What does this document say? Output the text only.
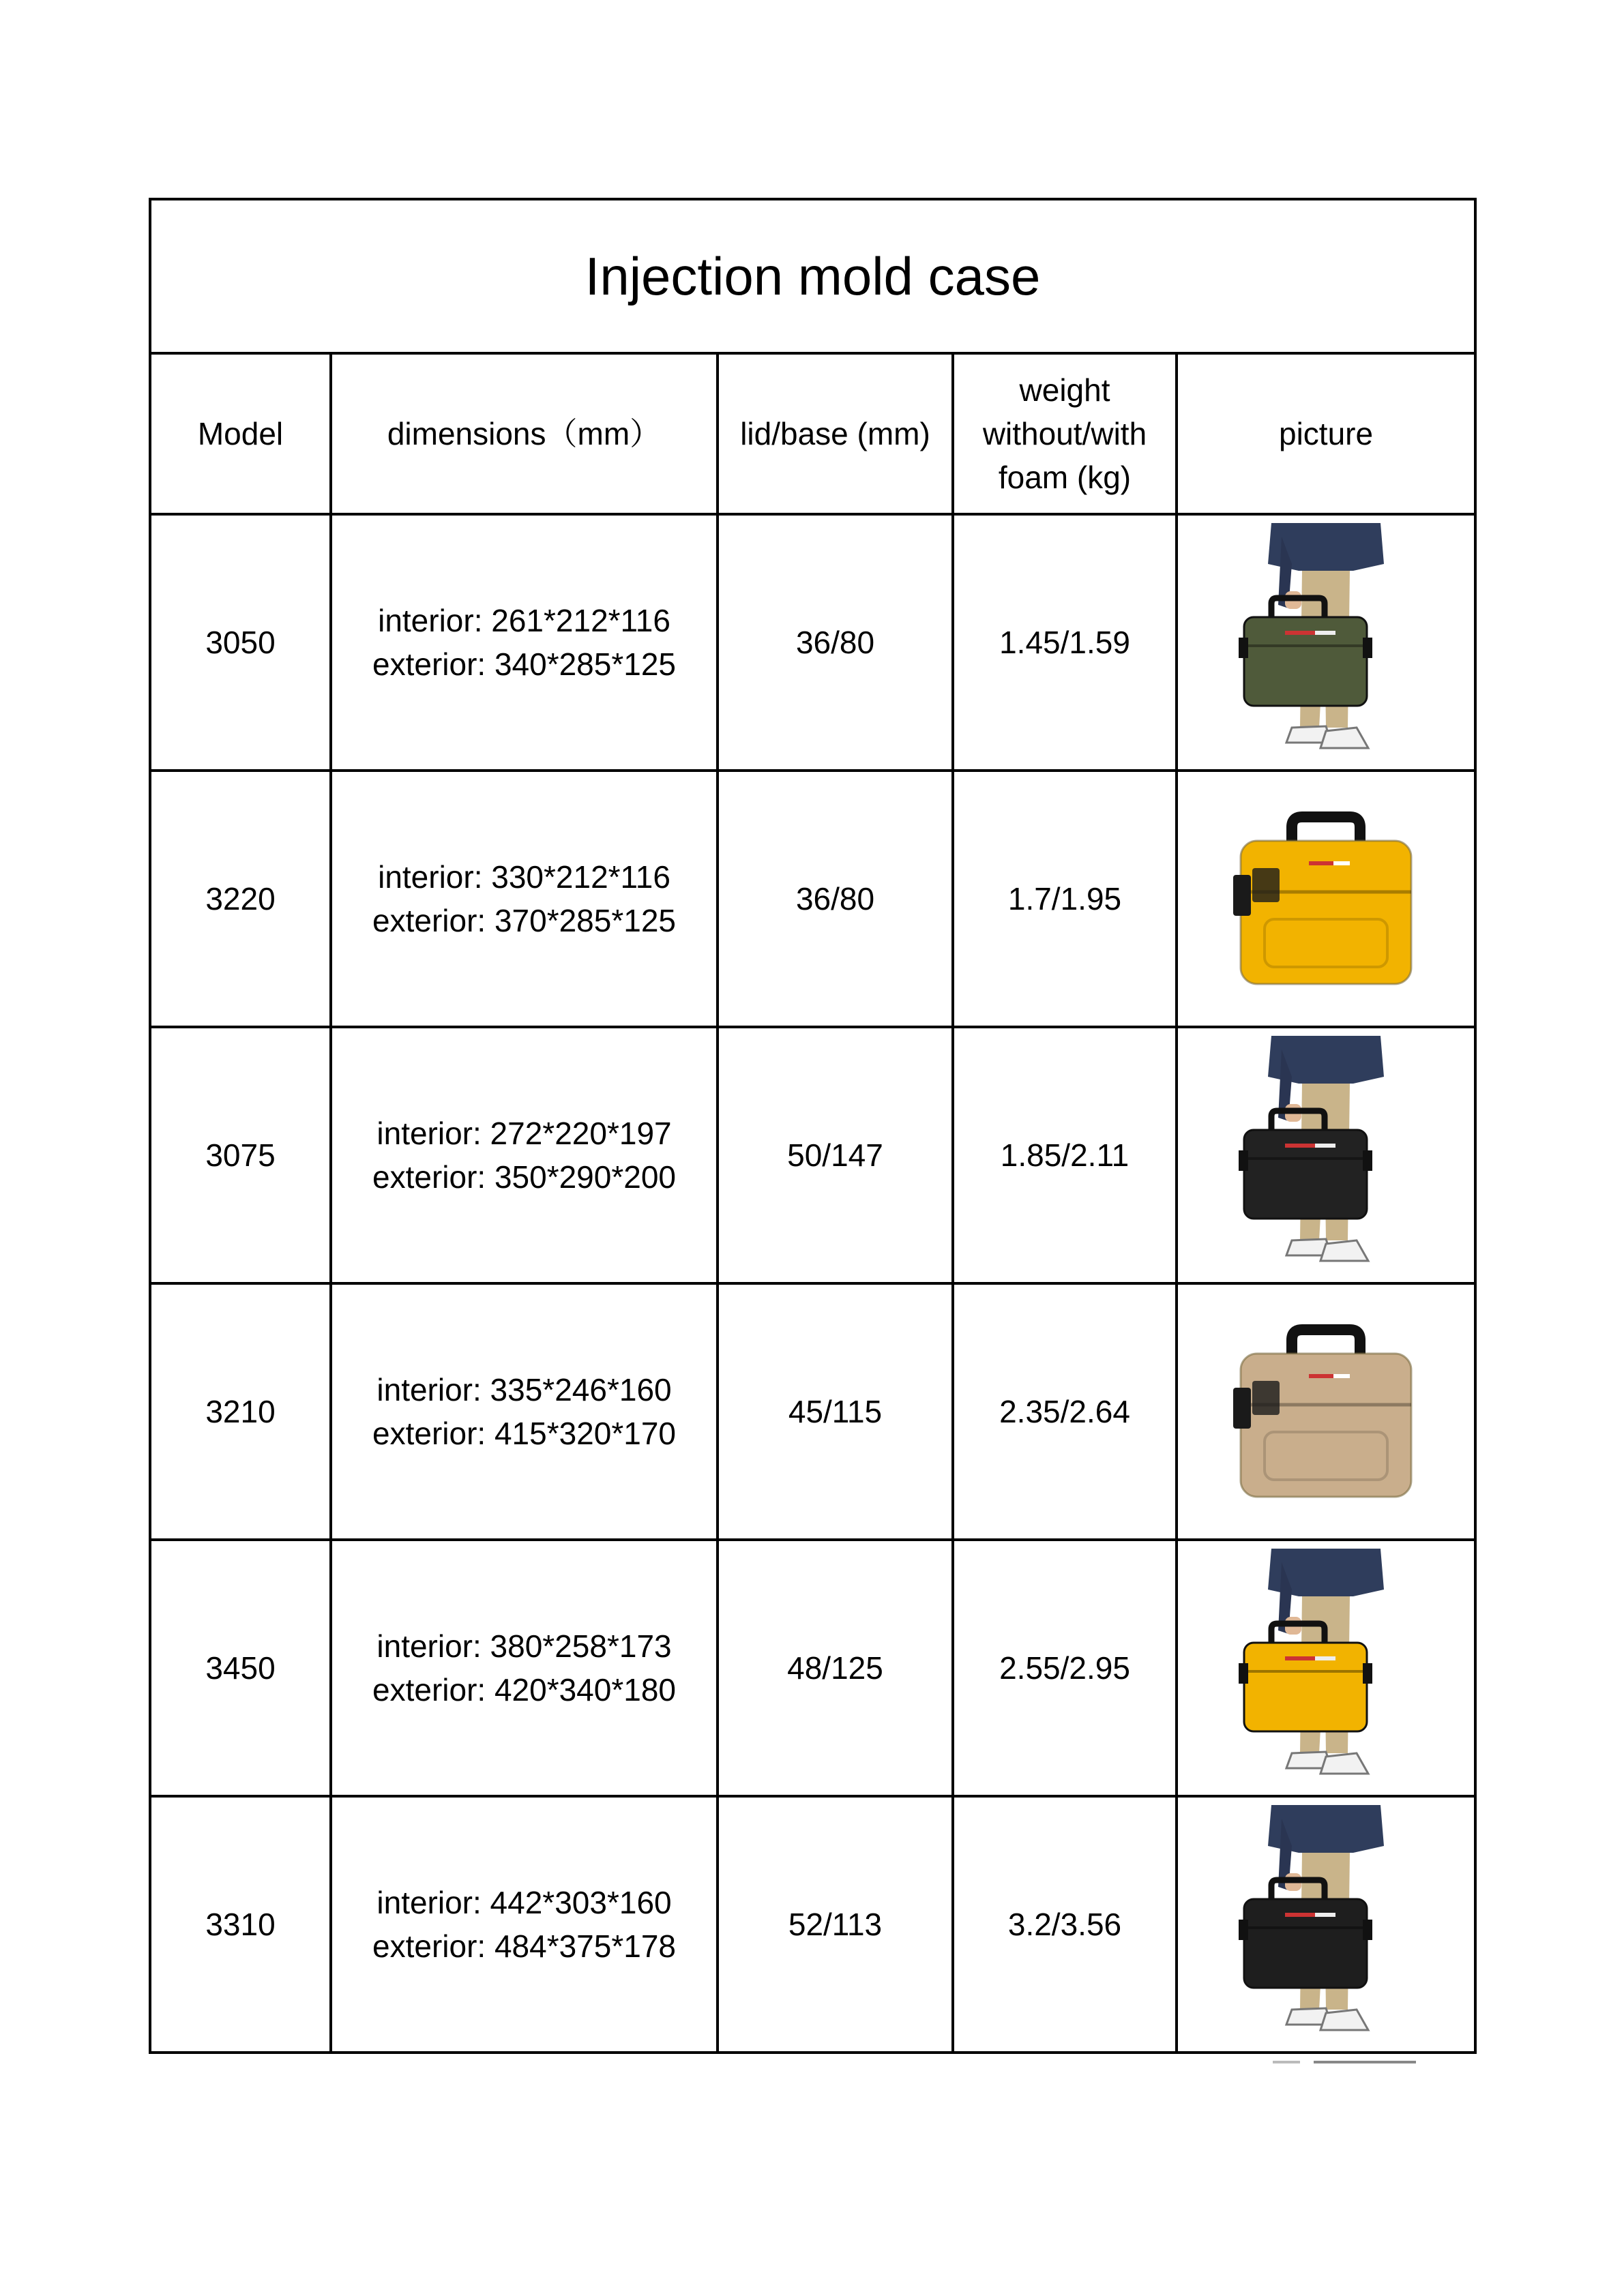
Injection mold case				
Model	dimensions（mm）	lid/base (mm)	weight without/with foam (kg)	picture
3050	interior: 261*212*116
exterior: 340*285*125	36/80	1.45/1.59	

3220	interior: 330*212*116
exterior: 370*285*125	36/80	1.7/1.95	

3075	interior: 272*220*197
exterior: 350*290*200	50/147	1.85/2.11	

3210	interior: 335*246*160
exterior: 415*320*170	45/115	2.35/2.64	

3450	interior: 380*258*173
exterior: 420*340*180	48/125	2.55/2.95	

3310	interior: 442*303*160
exterior: 484*375*178	52/113	3.2/3.56	
